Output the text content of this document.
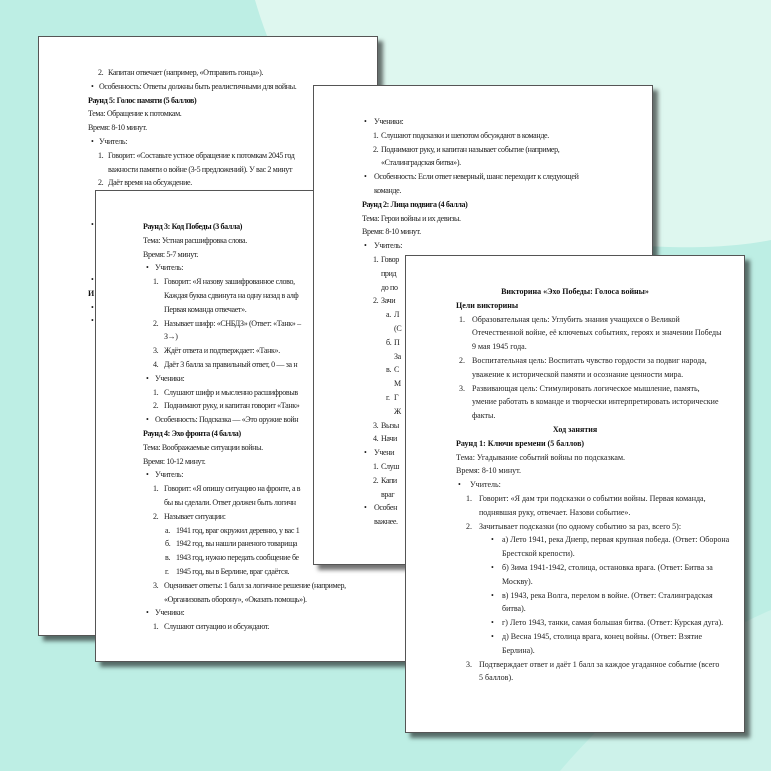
2. Капитан отвечает (например, «Отправить гонца»).
• Особенность: Ответы должны быть реалистичными для войны.
Раунд 5: Голос памяти (5 баллов)
Тема: Обращение к потомкам.
Время: 8-10 минут.
• Учитель:
1. Говорит: «Составьте устное обращение к потомкам 2045 год
важности памяти о войне (3-5 предложений). У вас 2 минут
2. Даёт время на обсуждение.
•
•
И
•
•
Раунд 3: Код Победы (3 балла)
Тема: Устная расшифровка слова.
Время: 5-7 минут.
• Учитель:
1. Говорит: «Я назову зашифрованное слово,
Каждая буква сдвинута на одну назад в алф
Первая команда отвечает».
2. Называет шифр: «СНБДЗ» (Ответ: «Танк» –
З→)
3. Ждёт ответа и подтверждает: «Танк».
4. Даёт 3 балла за правильный ответ, 0 — за н
• Ученики:
1. Слушают шифр и мысленно расшифровыв
2. Поднимают руку, и капитан говорит «Танк»
• Особенность: Подсказка — «Это оружие войн
Раунд 4: Эхо фронта (4 балла)
Тема: Воображаемые ситуации войны.
Время: 10-12 минут.
• Учитель:
1. Говорит: «Я опишу ситуацию на фронте, а в
бы вы сделали. Ответ должен быть логичн
2. Называет ситуации:
а. 1941 год, враг окружил деревню, у вас 1
б. 1942 год, вы нашли раненого товарища
в. 1943 год, нужно передать сообщение бе
г. 1945 год, вы в Берлине, враг сдаётся.
3. Оценивает ответы: 1 балл за логичное решение (например,
«Организовать оборону», «Оказать помощь»).
• Ученики:
1. Слушают ситуацию и обсуждают.
• Ученики:
1. Слушают подсказки и шепотом обсуждают в команде.
2. Поднимают руку, и капитан называет событие (например,
«Сталинградская битва»).
• Особенность: Если ответ неверный, шанс переходит к следующей
команде.
Раунд 2: Лица подвига (4 балла)
Тема: Герои войны и их девизы.
Время: 8-10 минут.
• Учитель:
1. Говор
прид
до по
2. Зачи
а. Л
(С
б. П
За
в. С
М
г. Г
Ж
3. Вызы
4. Начи
• Учени
1. Слуш
2. Капи
враг
• Особен
важнее.
Викторина «Эхо Победы: Голоса войны»
Цели викторины
1. Образовательная цель: Углубить знания учащихся о Великой
Отечественной войне, её ключевых событиях, героях и значении Победы
9 мая 1945 года.
2. Воспитательная цель: Воспитать чувство гордости за подвиг народа,
уважение к исторической памяти и осознание ценности мира.
3. Развивающая цель: Стимулировать логическое мышление, память,
умение работать в команде и творчески интерпретировать исторические
факты.
Ход занятия
Раунд 1: Ключи времени (5 баллов)
Тема: Угадывание событий войны по подсказкам.
Время: 8-10 минут.
• Учитель:
1. Говорит: «Я дам три подсказки о событии войны. Первая команда,
поднявшая руку, отвечает. Назови событие».
2. Зачитывает подсказки (по одному событию за раз, всего 5):
• а) Лето 1941, река Днепр, первая крупная победа. (Ответ: Оборона
Брестской крепости).
• б) Зима 1941-1942, столица, остановка врага. (Ответ: Битва за
Москву).
• в) 1943, река Волга, перелом в войне. (Ответ: Сталинградская
битва).
• г) Лето 1943, танки, самая большая битва. (Ответ: Курская дуга).
• д) Весна 1945, столица врага, конец войны. (Ответ: Взятие
Берлина).
3. Подтверждает ответ и даёт 1 балл за каждое угаданное событие (всего
5 баллов).
